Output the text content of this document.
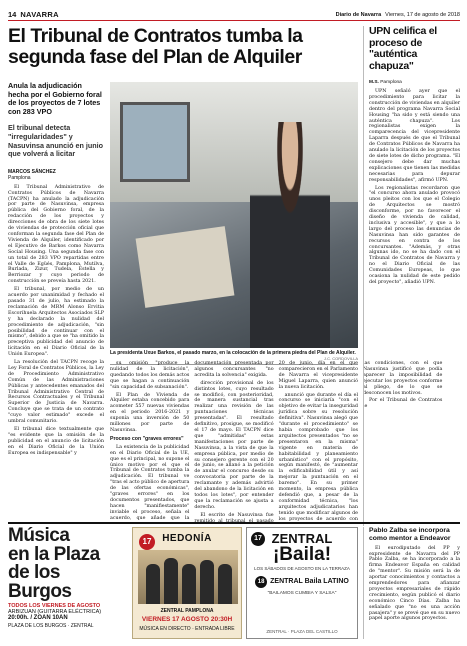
14 NAVARRA	Diario de Navarra Viernes, 17 de agosto de 2018
El Tribunal de Contratos tumba la segunda fase del Plan de Alquiler
Anula la adjudicación hecha por el Gobierno foral de los proyectos de 7 lotes con 283 VPO
El tribunal detecta "irregularidades" y Nasuvinsa anunció en junio que volverá a licitar
MARCOS SÁNCHEZ
Pamplona

El Tribunal Administrativo de Contratos Públicos de Navarra (TACPN) ha anulado la adjudicación por parte de Nasuvinsa, empresa pública del Gobierno foral, de la redacción de los proyectos y direcciones de obra de los siete lotes de viviendas de protección oficial que conforman la segunda fase del Plan de Vivienda de Alquiler, identificado por el Ejecutivo de Barkos como Navarra Social Housing. Una segunda fase con un total de 283 VPO repartidas entre el Valle de Egüés, Pamplona, Mutilva, Burlada, Zizur, Tudela, Estella y Berriozar y cuyo periodo de construcción se preveía hasta 2021.

El tribunal, por medio de un acuerdo por unanimidad y fechado el pasado 31 de julio, ha estimado la reclamación de MRM Alonso Ervitia Escorihuela Arquitectos Asociados SLP y ha declarado la nulidad del procedimiento de adjudicación, "sin posibilidad de continuar con el mismo", debido a que se "ha omitido la preceptiva publicidad del anuncio de licitación en el Diario Oficial de la Unión Europea".

La resolución del TACPN recoge la Ley Foral de Contratos Públicos, la Ley de Procedimiento Administrativo Común de las Administraciones Públicas y antecedentes emanados del Tribunal Administrativo Central de Recursos Contractuales y el Tribunal Superior de Justicia de Navarra. Concluye que se trata de un contrato "cuyo valor estimado" excede el umbral comunitario.

El tribunal dice textualmente que "es evidente que la omisión de la publicidad en el anuncio de licitación en el Diario Oficial de la Unión Europea es indispensable" y

La presidenta Uxue Barkos, el pasado marzo, en la colocación de la primera piedra del Plan de Alquiler.
J.C. CORDOVILLA

su omisión "produce la nulidad de la licitación", quedando todos los demás actos que se hagan a continuación "sin capacidad de subsanación".

El Plan de Vivienda de Alquiler estaba concebido para acometer 557 nuevas viviendas en el periodo 2016-2021 y suponía una inversión de 50 millones por parte de Nasuvinsa.

Proceso con "graves errores"

La existencia de la publicidad en el Diario Oficial de la UE, que es el principal, no supone el único motivo por el que el Tribunal de Contratos tumba la adjudicación. El tribunal ve "tras el acto público de apertura de las ofertas económicas", "graves errores" en los documentos presentados, que hacen "manifiestamente" inviable el proceso, señala el acuerdo, que añade que la documentación presentada por algunos concursantes "no acredita la solvencia" exigida.

dirección provisional de los distintos lotes, cuyo resultado se modificó, con posterioridad, de manera sustancial tras realizar una revisión de las puntuaciones técnicas presentadas". El resultado definitivo, prosigue, se modificó el 17 de mayo. El TACPN dice que "admitidas" estas manifestaciones por parte de Nasuvinsa, a la vista de que la empresa pública, por medio de su consejero gerente con el 20 de junio, se allanó a la petición de anular el concurso desde su convocatoria por parte de la reclamante y además advirtió del abandono de la licitación en todos los lotes", por entender que la reclamación se ajusta a derecho.

El escrito de Nasuvinsa fue 20 de junio, día en el que comparecieron en el Parlamento de Navarra el vicepresidente Miguel Laparra, quien anunció la nueva licitación.

anunció que durante el día el concurso se iniciaría "con el objetivo de evitar la inseguridad jurídica sobre su resolución definitiva". Nasuvinsa alegó que "durante el procedimiento" se había comprobado que los arquitectos presentados "no se presentaron en la misma" vigente en materia de habitabilidad y planeamiento urbanístico" con el propósito, según manifestó, de "aumentar la edificabilidad útil y así mejorar la puntuación en el baremo". En su primer momento, la empresa pública defendió que, a pesar de la conformidad técnica, "los arquitectos adjudicatarios han tenido que modificar algunos de los proyectos de acuerdo con las condiciones, con el que Nasuvinsa justificó que podía aparecer la imposibilidad de ejecutar los proyectos conforme al pliego, de lo que se desconocen los motivos.

Por el Tribunal de Contratos le

UPN celifica el proceso de "auténtica chapuza"
M.S. Pamplona

UPN señaló ayer que el procedimiento para licitar la construcción de viviendas en alquiler dentro del programa Navarra Social Housing "ha sido y está siendo una auténtica chapuza". Los regionalistas exigen la comparecencia del vicepresidente Laparra después de que el Tribunal de Contratos Públicos de Navarra ha anulado la licitación de los proyectos de siete lotes de dicho programa. "El consejero debe dar muchas explicaciones que tienen las medidas necesarias para depurar responsabilidades", afirmó UPN.

Los regionalistas recordaron que "el concurso ahora anulado provocó unos pleitos con los que el Colegio de Arquitectos se mostró disconforme, por no favorecer el diseño de vivienda de calidad, inclusiva y accesible", y que a lo largo del proceso las denuncias de Nasuvinsa han sido garantes de recursos en contra de los concursantes. "Además, y otras algunas ido, no se ha dado con el Tribunal de Contratos de Navarra y no el Diario Oficial de las Comunidades Europeas, lo que ocasiona la nulidad de este pedido del proyecto", añadió UPN.

Música
en la Plaza
de los Burgos
TODOS LOS VIERNES DE AGOSTO
ARBIZUAN (GUITARRA ELÉCTRICA)
20:00h. / ZOAN 10AN
PLAZA DE LOS BURGOS · ZENTRAL
17	HEDONÍA
ZENTRAL PAMPLONA
VIERNES 17 AGOSTO 20:30H
MÚSICA EN DIRECTO · ENTRADA LIBRE
17 ZENTRAL
¡Baila!
LOS SÁBADOS DE AGOSTO EN LA TERRAZA
18 ZENTRAL Baila LATINO
"BAILAMOS CUMBIA Y SALSA"
ZENTRAL · PLAZA DEL CASTILLO
Pablo Zalba se incorpora como mentor a Endeavor

El eurodiputado del PP y expresidente de Navarra del PP Pablo Zalba, se ha incorporado a la firma Endeavor España en calidad de "mentor". Su misión será la de aportar conocimientos y contactos a emprendedores para afianzar proyectos empresariales de rápido crecimiento, según publicó el diario económico Cinco Días. Zalba ha señalado que "no es una acción pasajera" y se prevé que en su nuevo papel aporte algunos proyectos.
